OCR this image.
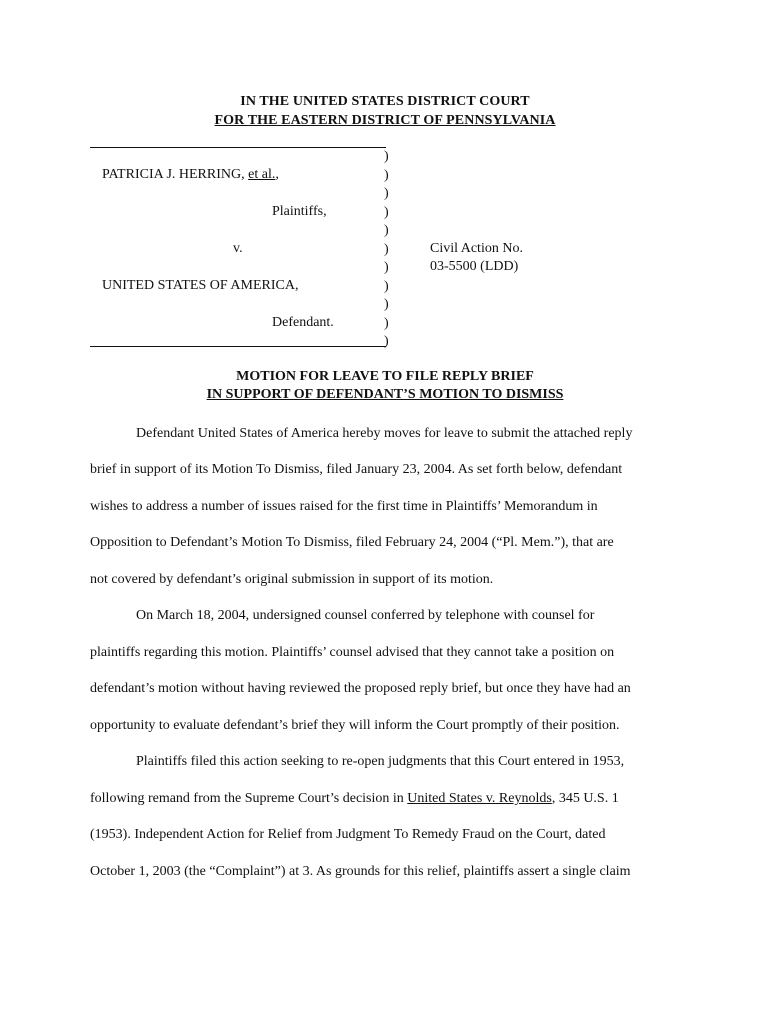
IN THE UNITED STATES DISTRICT COURT
FOR THE EASTERN DISTRICT OF PENNSYLVANIA
)
)
)
)
)
)
)
)
)
)
)
PATRICIA J. HERRING, et al.,
Plaintiffs,
v.
UNITED STATES OF AMERICA,
Defendant.
Civil Action No.
03-5500 (LDD)
MOTION FOR LEAVE TO FILE REPLY BRIEF
IN SUPPORT OF DEFENDANT’S MOTION TO DISMISS
Defendant United States of America hereby moves for leave to submit the attached reply
brief in support of its Motion To Dismiss, filed January 23, 2004. As set forth below, defendant
wishes to address a number of issues raised for the first time in Plaintiffs’ Memorandum in
Opposition to Defendant’s Motion To Dismiss, filed February 24, 2004 (“Pl. Mem.”), that are
not covered by defendant’s original submission in support of its motion.
On March 18, 2004, undersigned counsel conferred by telephone with counsel for
plaintiffs regarding this motion. Plaintiffs’ counsel advised that they cannot take a position on
defendant’s motion without having reviewed the proposed reply brief, but once they have had an
opportunity to evaluate defendant’s brief they will inform the Court promptly of their position.
Plaintiffs filed this action seeking to re-open judgments that this Court entered in 1953,
following remand from the Supreme Court’s decision in United States v. Reynolds, 345 U.S. 1
(1953). Independent Action for Relief from Judgment To Remedy Fraud on the Court, dated
October 1, 2003 (the “Complaint”) at 3. As grounds for this relief, plaintiffs assert a single claim
